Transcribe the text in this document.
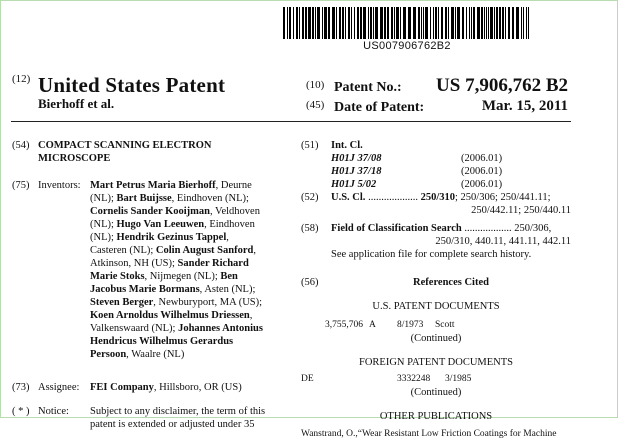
US007906762B2
(12) United States Patent
Bierhoff et al.
(10) Patent No.: US 7,906,762 B2
(45) Date of Patent:	Mar. 15, 2011
(54) COMPACT SCANNING ELECTRON
MICROSCOPE
(75) Inventors: Mart Petrus Maria Bierhoff, Deurne
(NL); Bart Buijsse, Eindhoven (NL);
Cornelis Sander Kooijman, Veldhoven
(NL); Hugo Van Leeuwen, Eindhoven
(NL); Hendrik Gezinus Tappel,
Casteren (NL); Colin August Sanford,
Atkinson, NH (US); Sander Richard
Marie Stoks, Nijmegen (NL); Ben
Jacobus Marie Bormans, Asten (NL);
Steven Berger, Newburyport, MA (US);
Koen Arnoldus Wilhelmus Driessen,
Valkenswaard (NL); Johannes Antonius
Hendricus Wilhelmus Gerardus
Persoon, Waalre (NL)
(73) Assignee: FEI Company, Hillsboro, OR (US)
( * ) Notice: Subject to any disclaimer, the term of this
patent is extended or adjusted under 35
(51) Int. Cl.
H01J 37/08	(2006.01)
H01J 37/18	(2006.01)
H01J 5/02	(2006.01)
(52) U.S. Cl. ................... 250/310; 250/306; 250/441.11;
250/442.11; 250/440.11
(58) Field of Classification Search .................. 250/306,
250/310, 440.11, 441.11, 442.11
See application file for complete search history.
(56)	References Cited
U.S. PATENT DOCUMENTS
3,755,706 A 8/1973 Scott
(Continued)
FOREIGN PATENT DOCUMENTS
DE	3332248 3/1985
(Continued)
OTHER PUBLICATIONS
Wanstrand, O.,“Wear Resistant Low Friction Coatings for Machine
